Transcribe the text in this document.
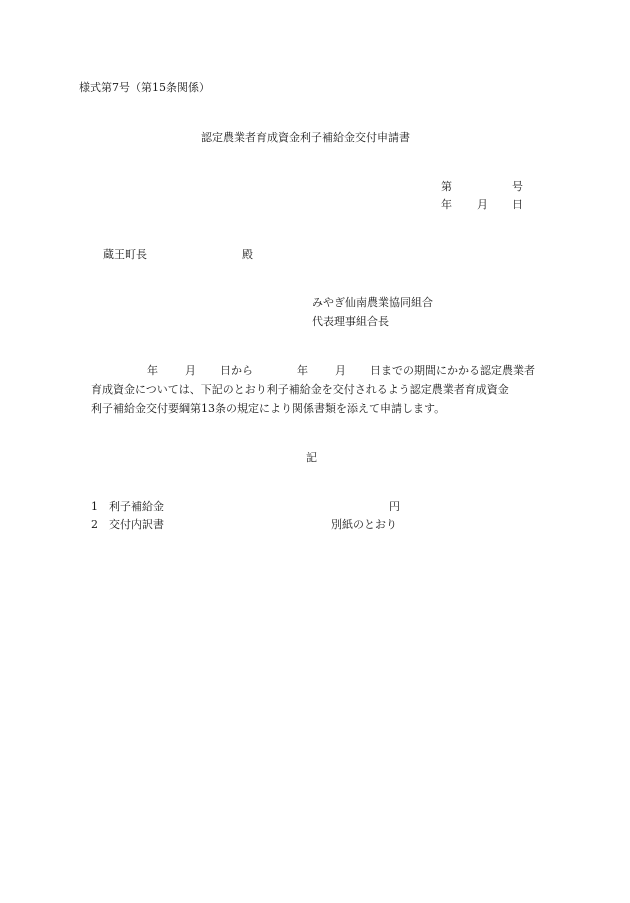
様式第7号（第15条関係）
認定農業者育成資金利子補給金交付申請書
第	号
年 月 日
蔵王町長	殿
みやぎ仙南農業協同組合
代表理事組合長
年 月 日から	年 月 日までの期間にかかる認定農業者
育成資金については、下記のとおり利子補給金を交付されるよう認定農業者育成資金
利子補給金交付要綱第13条の規定により関係書類を添えて申請します。
記
1 利子補給金	円
2 交付内訳書	別紙のとおり
